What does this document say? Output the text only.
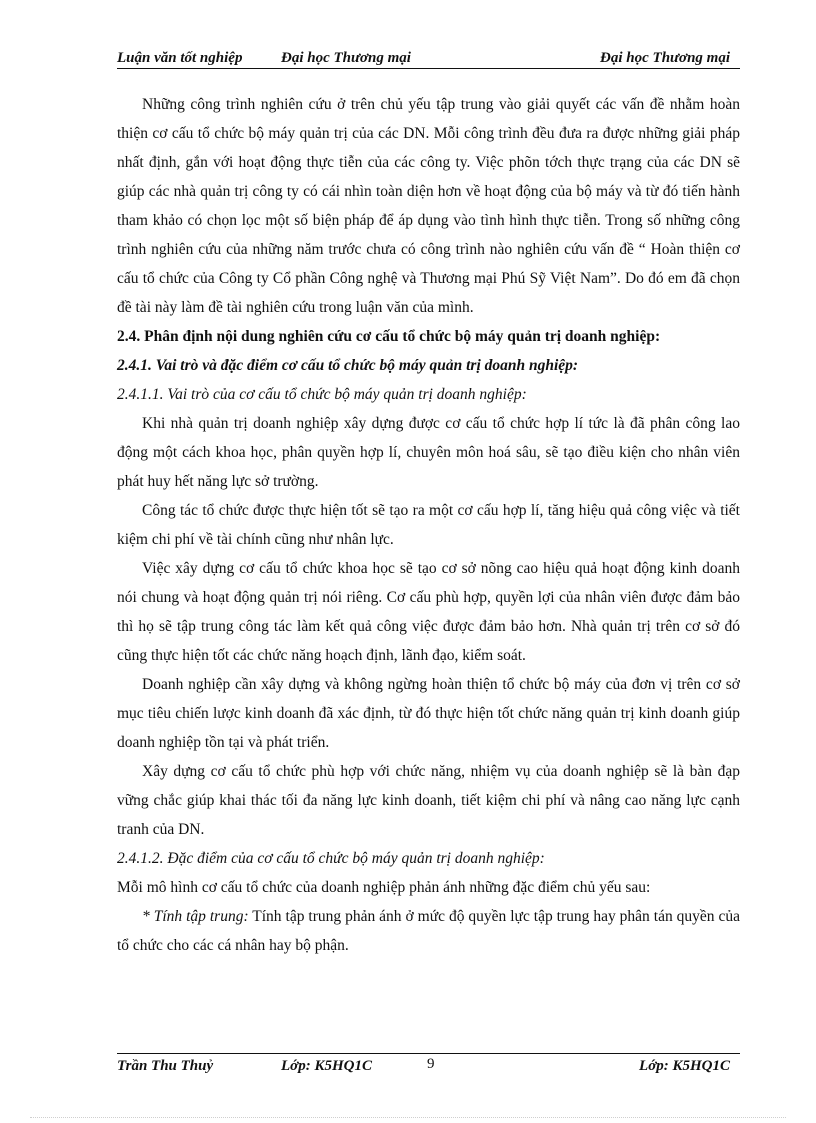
Luận văn tốt nghiệp	Đại học Thương mại	Đại học Thương mại

Những công trình nghiên cứu ở trên chủ yếu tập trung vào giải quyết các vấn đề nhằm hoàn thiện cơ cấu tổ chức bộ máy quản trị của các DN. Mỗi công trình đều đưa ra được những giải pháp nhất định, gắn với hoạt động thực tiễn của các công ty. Việc phõn tớch thực trạng của các DN sẽ giúp các nhà quản trị công ty có cái nhìn toàn diện hơn về hoạt động của bộ máy và từ đó tiến hành tham khảo có chọn lọc một số biện pháp để áp dụng vào tình hình thực tiễn. Trong số những công trình nghiên cứu của những năm trước chưa có công trình nào nghiên cứu vấn đề “ Hoàn thiện cơ cấu tổ chức của Công ty Cổ phần Công nghệ và Thương mại Phú Sỹ Việt Nam”. Do đó em đã chọn đề tài này làm đề tài nghiên cứu trong luận văn của mình.

2.4. Phân định nội dung nghiên cứu cơ cấu tổ chức bộ máy quản trị doanh nghiệp:

2.4.1. Vai trò và đặc điểm cơ cấu tổ chức bộ máy quản trị doanh nghiệp:

2.4.1.1. Vai trò của cơ cấu tổ chức bộ máy quản trị doanh nghiệp:

Khi nhà quản trị doanh nghiệp xây dựng được cơ cấu tổ chức hợp lí tức là đã phân công lao động một cách khoa học, phân quyền hợp lí, chuyên môn hoá sâu, sẽ tạo điều kiện cho nhân viên phát huy hết năng lực sở trường.

Công tác tổ chức được thực hiện tốt sẽ tạo ra một cơ cấu hợp lí, tăng hiệu quả công việc và tiết kiệm chi phí về tài chính cũng như nhân lực.

Việc xây dựng cơ cấu tổ chức khoa học sẽ tạo cơ sở nõng cao hiệu quả hoạt động kinh doanh nói chung và hoạt động quản trị nói riêng. Cơ cấu phù hợp, quyền lợi của nhân viên được đảm bảo thì họ sẽ tập trung công tác làm kết quả công việc được đảm bảo hơn. Nhà quản trị trên cơ sở đó cũng thực hiện tốt các chức năng hoạch định, lãnh đạo, kiểm soát.

Doanh nghiệp cần xây dựng và không ngừng hoàn thiện tổ chức bộ máy của đơn vị trên cơ sở mục tiêu chiến lược kinh doanh đã xác định, từ đó thực hiện tốt chức năng quản trị kinh doanh giúp doanh nghiệp tồn tại và phát triển.

Xây dựng cơ cấu tổ chức phù hợp với chức năng, nhiệm vụ của doanh nghiệp sẽ là bàn đạp vững chắc giúp khai thác tối đa năng lực kinh doanh, tiết kiệm chi phí và nâng cao năng lực cạnh tranh của DN.

2.4.1.2. Đặc điểm của cơ cấu tổ chức bộ máy quản trị doanh nghiệp:

Mỗi mô hình cơ cấu tổ chức của doanh nghiệp phản ánh những đặc điểm chủ yếu sau:

* Tính tập trung: Tính tập trung phản ánh ở mức độ quyền lực tập trung hay phân tán quyền của tổ chức cho các cá nhân hay bộ phận.

Trần Thu Thuỷ	Lớp: K5HQ1C	9	Lớp: K5HQ1C
